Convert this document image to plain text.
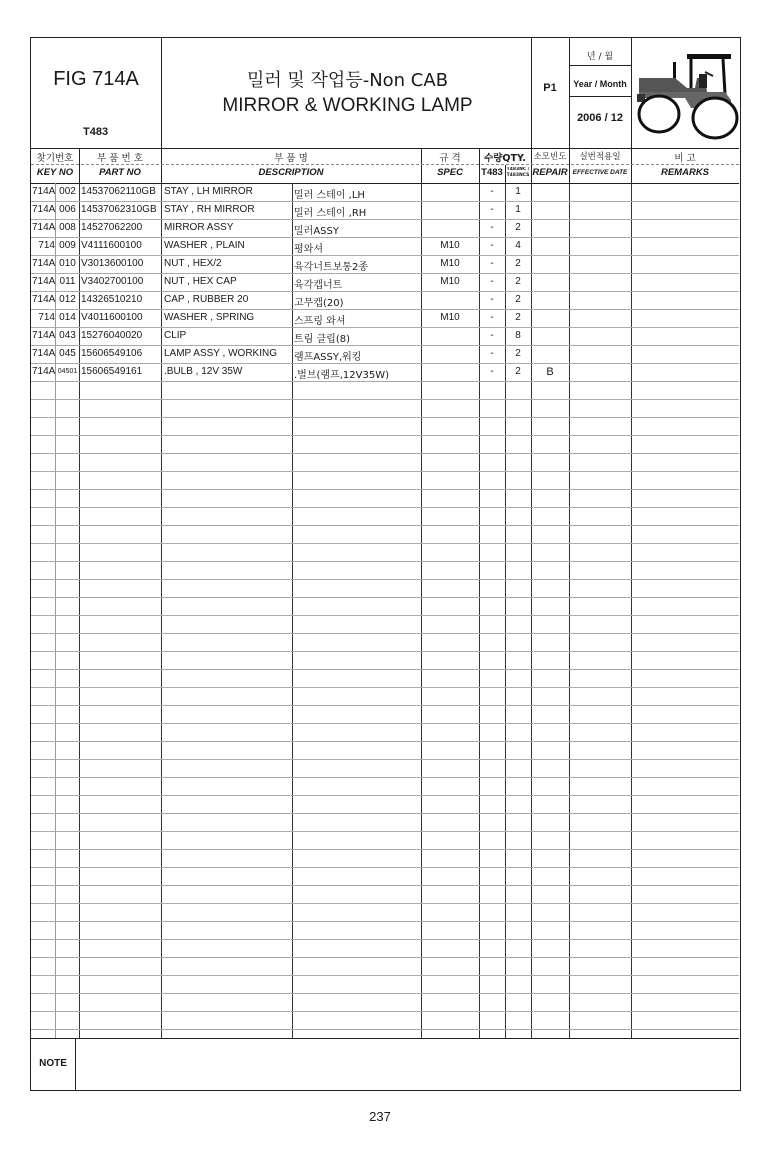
FIG 714A
T483
밀러 및 작업등-Non CAB
MIRROR & WORKING LAMP
P1
년 / 월
Year / Month
2006 / 12
찾기번호
KEY NO
부 품 번 호
PART NO
부 품 명
DESCRIPTION
규 격
SPEC
수량QTY.
T483 T483NC / T483NCS
소모빈도
REPAIR
실번적용일
EFFECTIVE DATE
비 고
REMARKS
714A 002 14537062110GB STAY , LH MIRROR	밀러 스테이 ,LH	-	1
714A 006 14537062310GB STAY , RH MIRROR	밀러 스테이 ,RH	-	1
714A 008 14527062200	MIRROR ASSY	밀러ASSY	-	2
714 009 V4111600100	WASHER , PLAIN	평와셔	M10	-	4
714A 010 V3013600100	NUT , HEX/2	육각너트보통2종	M10	-	2
714A 011 V3402700100	NUT , HEX CAP	육각캡너트	M10	-	2
714A 012 14326510210	CAP , RUBBER 20	고무캡(20)	-	2
714 014 V4011600100	WASHER , SPRING	스프링 와셔	M10	-	2
714A 043 15276040020	CLIP	트림 클립(8)	-	8
714A 045 15606549106	LAMP ASSY , WORKING	램프ASSY,워킹	-	2
714A 04501 15606549161	.BULB , 12V 35W	.벌브(램프,12V35W)	-	2	B
NOTE
237
